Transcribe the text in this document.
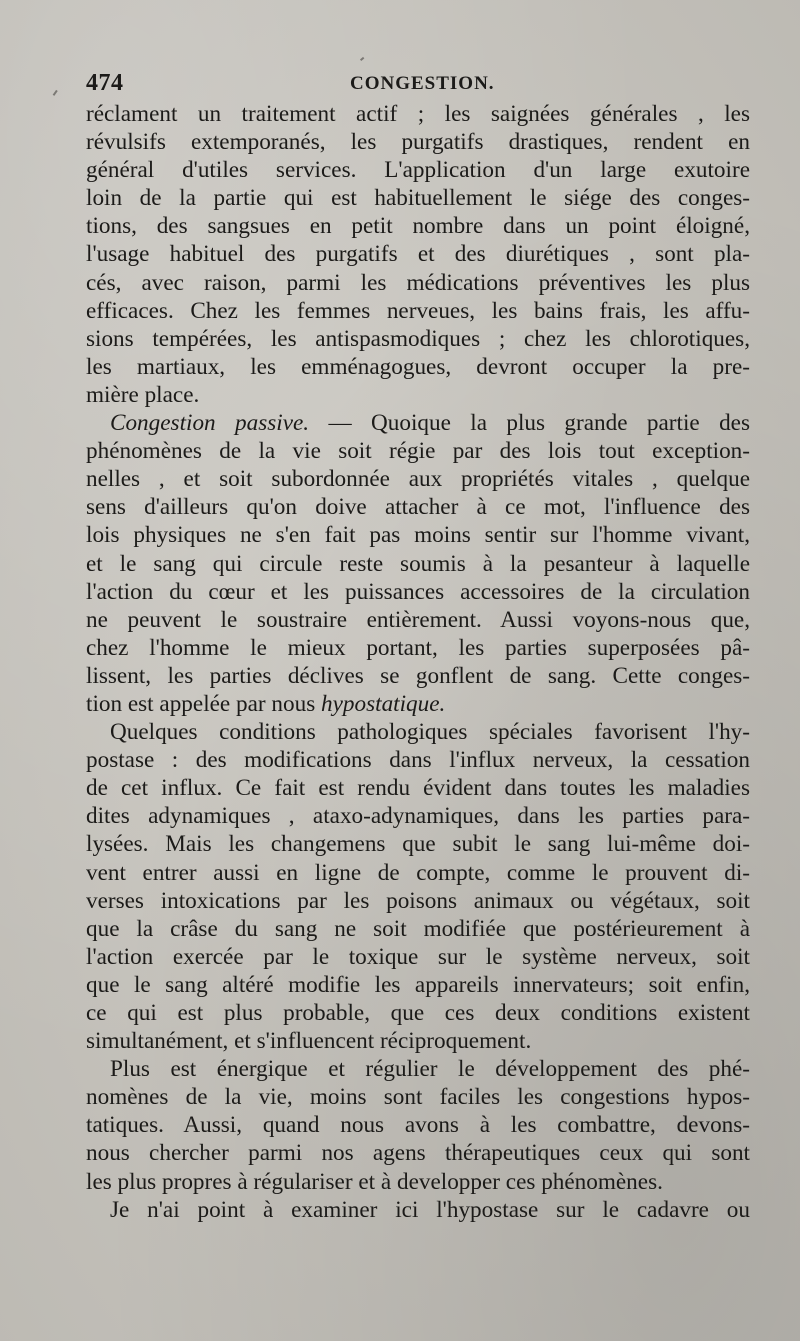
474	CONGESTION.
réclament un traitement actif ; les saignées générales , les
révulsifs extemporanés, les purgatifs drastiques, rendent en
général d'utiles services. L'application d'un large exutoire
loin de la partie qui est habituellement le siége des conges-
tions, des sangsues en petit nombre dans un point éloigné,
l'usage habituel des purgatifs et des diurétiques , sont pla-
cés, avec raison, parmi les médications préventives les plus
efficaces. Chez les femmes nerveues, les bains frais, les affu-
sions tempérées, les antispasmodiques ; chez les chlorotiques,
les martiaux, les emménagogues, devront occuper la pre-
mière place.
Congestion passive. — Quoique la plus grande partie des
phénomènes de la vie soit régie par des lois tout exception-
nelles , et soit subordonnée aux propriétés vitales , quelque
sens d'ailleurs qu'on doive attacher à ce mot, l'influence des
lois physiques ne s'en fait pas moins sentir sur l'homme vivant,
et le sang qui circule reste soumis à la pesanteur à laquelle
l'action du cœur et les puissances accessoires de la circulation
ne peuvent le soustraire entièrement. Aussi voyons-nous que,
chez l'homme le mieux portant, les parties superposées pâ-
lissent, les parties déclives se gonflent de sang. Cette conges-
tion est appelée par nous hypostatique.
Quelques conditions pathologiques spéciales favorisent l'hy-
postase : des modifications dans l'influx nerveux, la cessation
de cet influx. Ce fait est rendu évident dans toutes les maladies
dites adynamiques , ataxo-adynamiques, dans les parties para-
lysées. Mais les changemens que subit le sang lui-même doi-
vent entrer aussi en ligne de compte, comme le prouvent di-
verses intoxications par les poisons animaux ou végétaux, soit
que la crâse du sang ne soit modifiée que postérieurement à
l'action exercée par le toxique sur le système nerveux, soit
que le sang altéré modifie les appareils innervateurs; soit enfin,
ce qui est plus probable, que ces deux conditions existent
simultanément, et s'influencent réciproquement.
Plus est énergique et régulier le développement des phé-
nomènes de la vie, moins sont faciles les congestions hypos-
tatiques. Aussi, quand nous avons à les combattre, devons-
nous chercher parmi nos agens thérapeutiques ceux qui sont
les plus propres à régulariser et à developper ces phénomènes.
Je n'ai point à examiner ici l'hypostase sur le cadavre ou
